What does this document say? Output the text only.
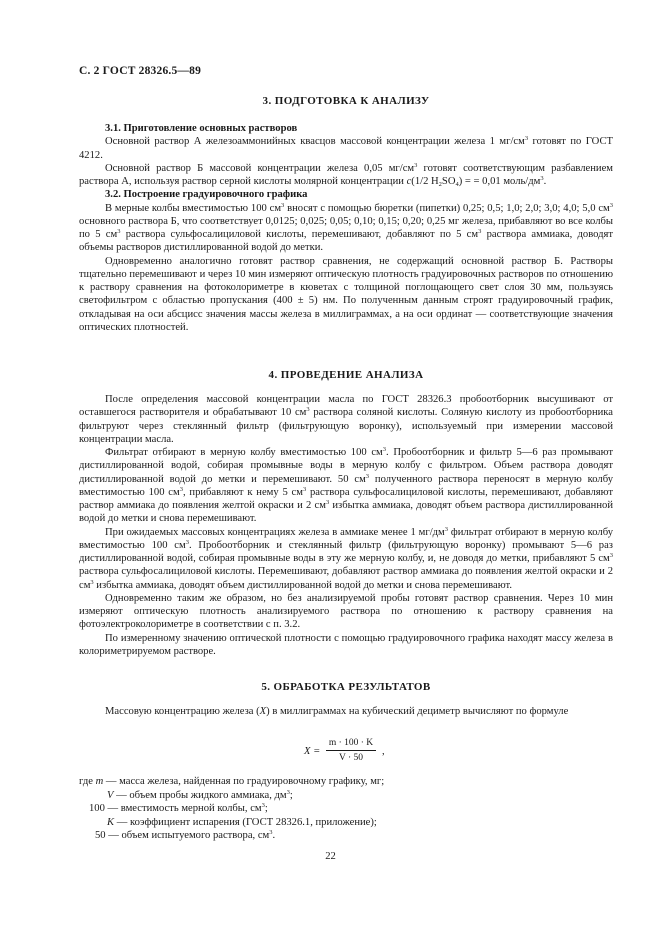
С. 2 ГОСТ 28326.5—89
3. ПОДГОТОВКА К АНАЛИЗУ

3.1. Приготовление основных растворов

Основной раствор А железоаммонийных квасцов массовой концентрации железа 1 $мг/см^3$ готовят по ГОСТ 4212.

Основной раствор Б массовой концентрации железа 0,05 $мг/см^3$ готовят соответствующим разбавлением раствора А, используя раствор серной кислоты молярной концентрации c(1/2 $H_2SO_4$) = = 0,01 моль/$дм^3$.

3.2. Построение градуировочного графика

В мерные колбы вместимостью 100 $см^3$ вносят с помощью бюретки (пипетки) 0,25; 0,5; 1,0; 2,0; 3,0; 4,0; 5,0 $см^3$ основного раствора Б, что соответствует 0,0125; 0,025; 0,05; 0,10; 0,15; 0,20; 0,25 мг железа, прибавляют во все колбы по 5 $см^3$ раствора сульфосалициловой кислоты, перемешивают, добавляют по 5 $см^3$ раствора аммиака, доводят объемы растворов дистиллированной водой до метки.

Одновременно аналогично готовят раствор сравнения, не содержащий основной раствор Б. Растворы тщательно перемешивают и через 10 мин измеряют оптическую плотность градуировочных растворов по отношению к раствору сравнения на фотоколориметре в кюветах с толщиной поглощающего свет слоя 30 мм, пользуясь светофильтром с областью пропускания (400 ± 5) нм. По полученным данным строят градуировочный график, откладывая на оси абсцисс значения массы железа в миллиграммах, а на оси ординат — соответствующие значения оптических плотностей.

4. ПРОВЕДЕНИЕ АНАЛИЗА

После определения массовой концентрации масла по ГОСТ 28326.3 пробоотборник высушивают от оставшегося растворителя и обрабатывают 10 $см^3$ раствора соляной кислоты. Соляную кислоту из пробоотборника фильтруют через стеклянный фильтр (фильтрующую воронку), используемый при измерении массовой концентрации масла.

Фильтрат отбирают в мерную колбу вместимостью 100 $см^3$. Пробоотборник и фильтр 5—6 раз промывают дистиллированной водой, собирая промывные воды в мерную колбу с фильтром. Объем раствора доводят дистиллированной водой до метки и перемешивают. 50 $см^3$ полученного раствора переносят в мерную колбу вместимостью 100 $см^3$, прибавляют к нему 5 $см^3$ раствора сульфосалициловой кислоты, перемешивают, добавляют раствор аммиака до появления желтой окраски и 2 $см^3$ избытка аммиака, доводят объем раствора дистиллированной водой до метки и снова перемешивают.

При ожидаемых массовых концентрациях железа в аммиаке менее 1 $мг/дм^3$ фильтрат отбирают в мерную колбу вместимостью 100 $см^3$. Пробоотборник и стеклянный фильтр (фильтрующую воронку) промывают 5—6 раз дистиллированной водой, собирая промывные воды в эту же мерную колбу, и, не доводя до метки, прибавляют 5 $см^3$ раствора сульфосалициловой кислоты. Перемешивают, добавляют раствор аммиака до появления желтой окраски и 2 $см^3$ избытка аммиака, доводят объем дистиллированной водой до метки и снова перемешивают.

Одновременно таким же образом, но без анализируемой пробы готовят раствор сравнения. Через 10 мин измеряют оптическую плотность анализируемого раствора по отношению к раствору сравнения на фотоэлектроколориметре в соответствии с п. 3.2.

По измеренному значению оптической плотности с помощью градуировочного графика находят массу железа в колориметрируемом растворе.

5. ОБРАБОТКА РЕЗУЛЬТАТОВ

Массовую концентрацию железа (X) в миллиграммах на кубический дециметр вычисляют по формуле

X =
m · 100 · K
V · 50
,
где m — масса железа, найденная по градуировочному графику, мг;
V — объем пробы жидкого аммиака, $дм^3$;
100 — вместимость мерной колбы, $см^3$;
K — коэффициент испарения (ГОСТ 28326.1, приложение);
50 — объем испытуемого раствора, $см^3$.
22
